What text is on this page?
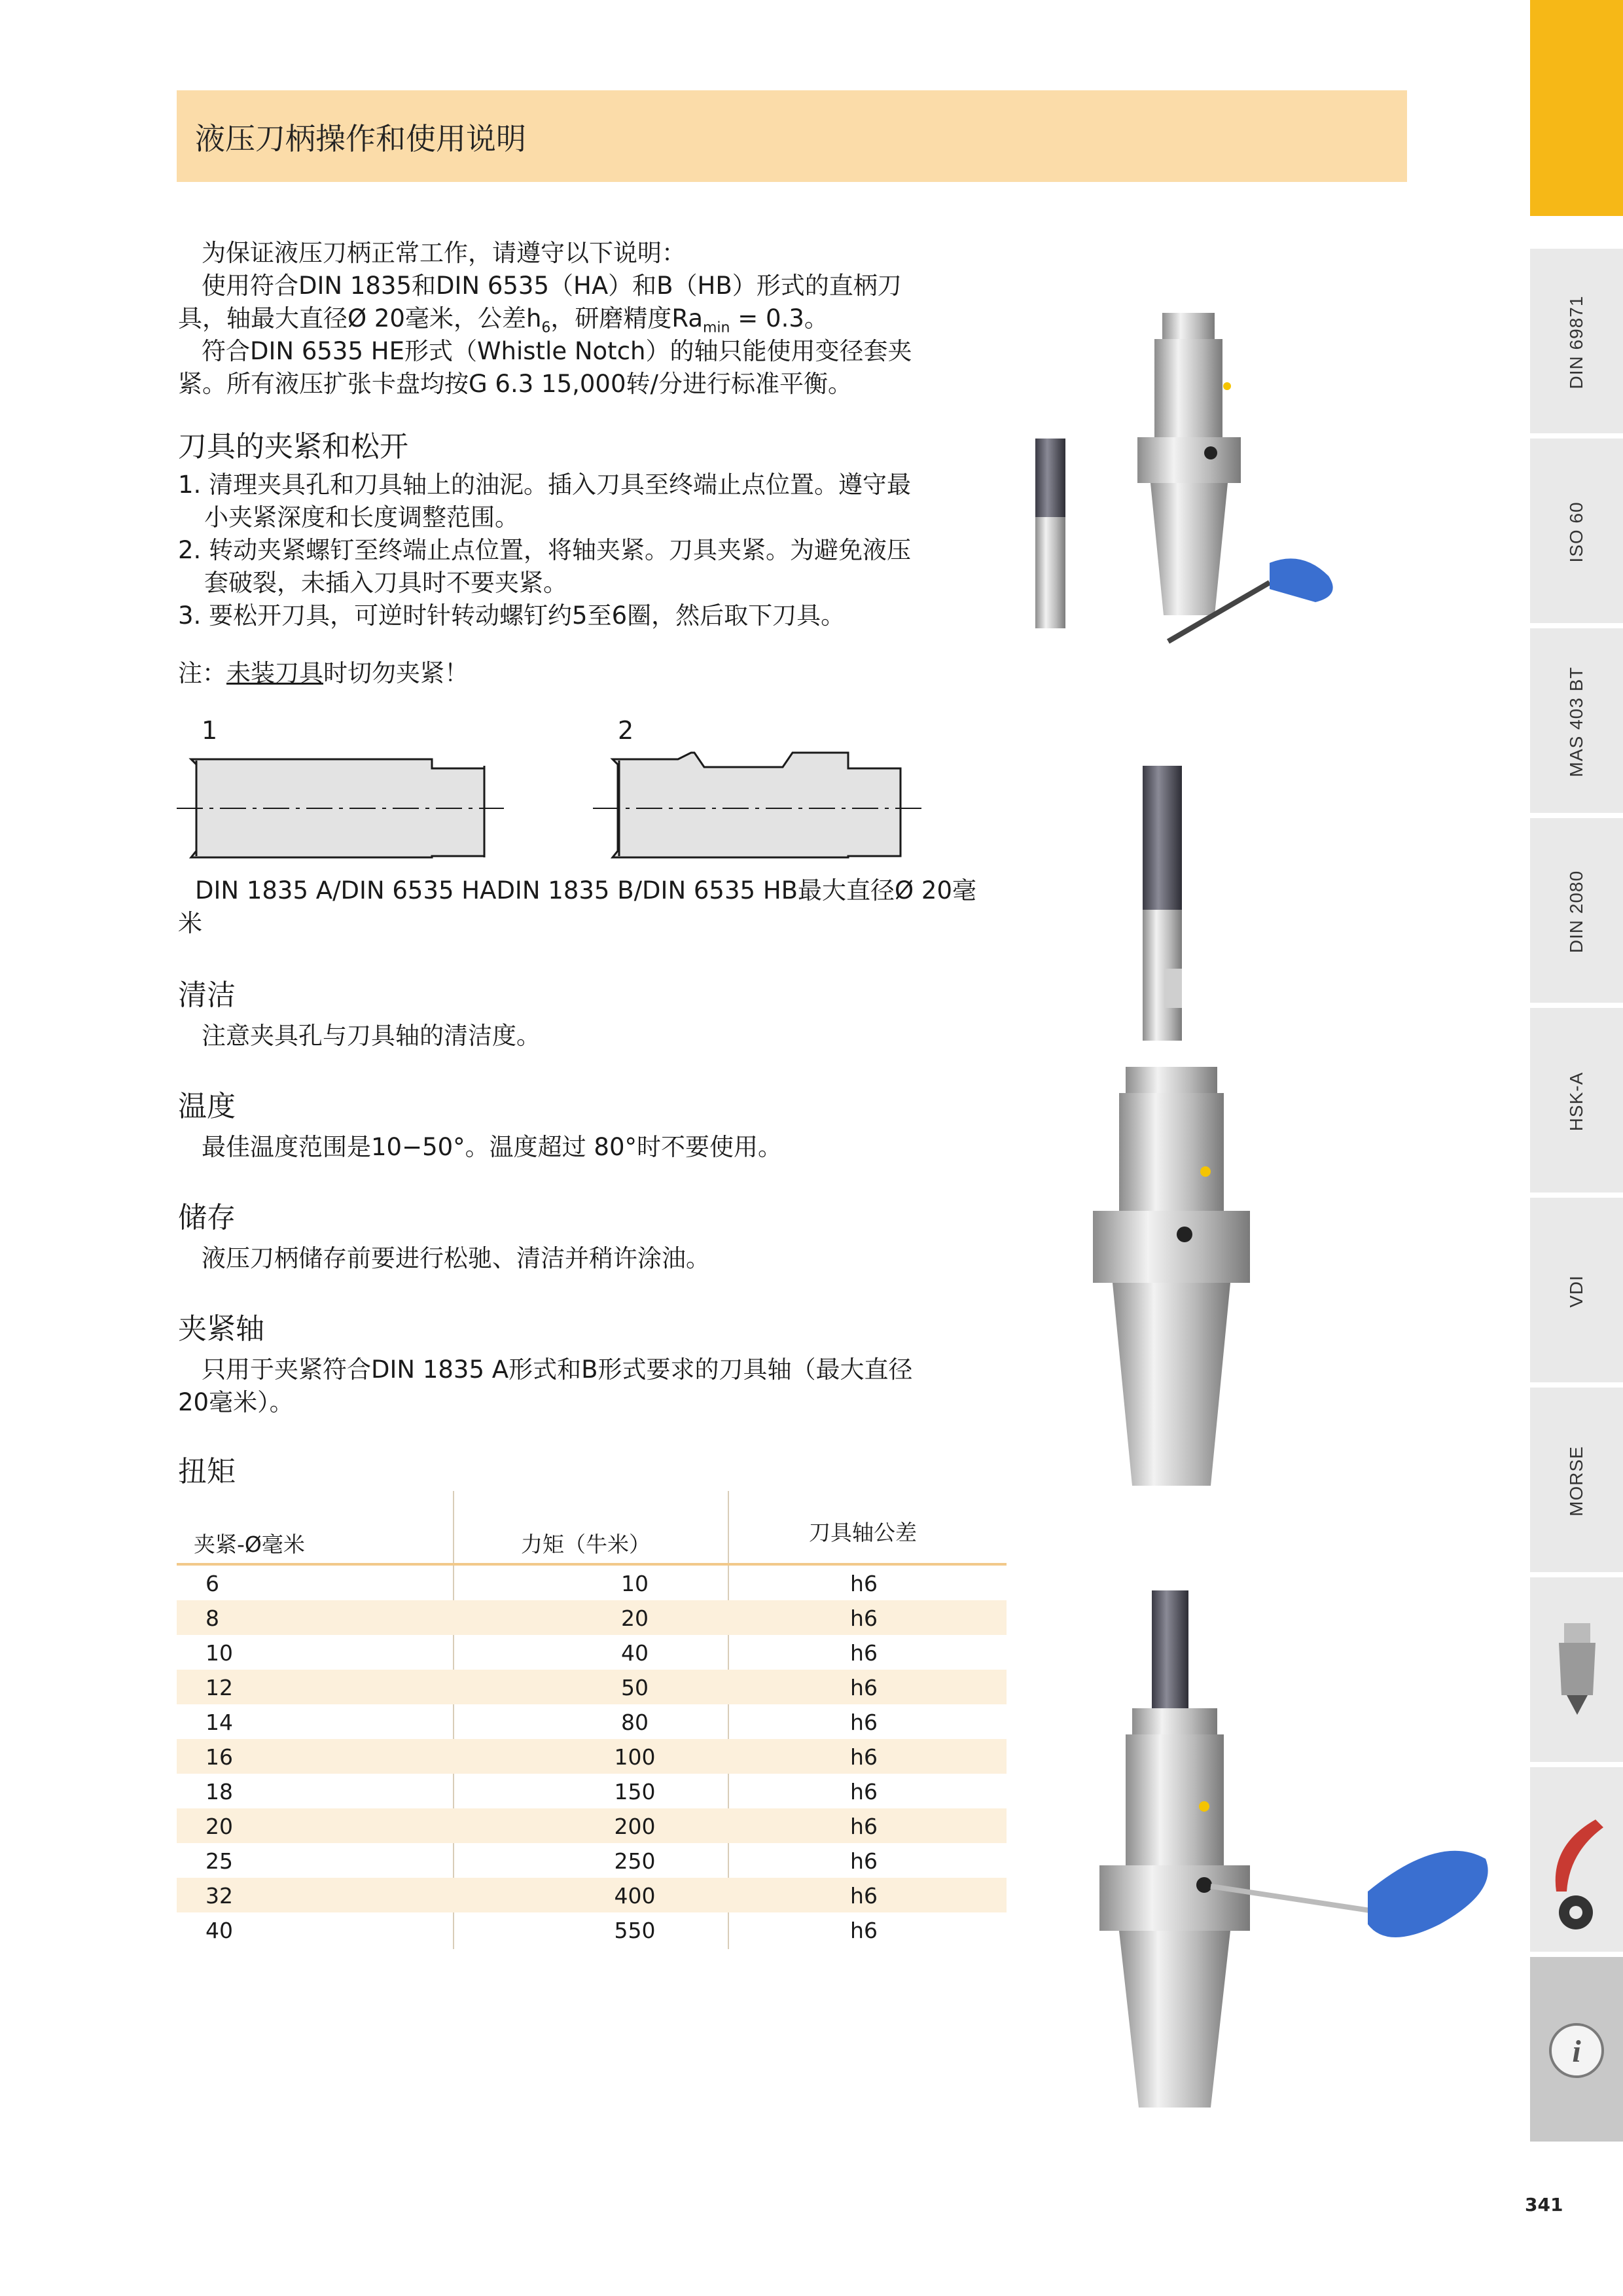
液压刀柄操作和使用说明
为保证液压刀柄正常工作，请遵守以下说明：
使用符合DIN 1835和DIN 6535（HA）和B（HB）形式的直柄刀
具，轴最大直径Ø 20毫米，公差$h_6$，研磨精度$Ra_{min} = 0.3$。
符合DIN 6535 HE形式（Whistle Notch）的轴只能使用变径套夹
紧。所有液压扩张卡盘均按G 6.3 15,000转/分进行标准平衡。
刀具的夹紧和松开
1. 清理夹具孔和刀具轴上的油泥。插入刀具至终端止点位置。遵守最
小夹紧深度和长度调整范围。
2. 转动夹紧螺钉至终端止点位置，将轴夹紧。刀具夹紧。为避免液压
套破裂，未插入刀具时不要夹紧。
3. 要松开刀具，可逆时针转动螺钉约5至6圈，然后取下刀具。
注：未装刀具时切勿夹紧！
1	2
DIN 1835 A/DIN 6535 HADIN 1835 B/DIN 6535 HB最大直径Ø 20毫
米
清洁
注意夹具孔与刀具轴的清洁度。
温度
最佳温度范围是10−50°。温度超过 80°时不要使用。
储存
液压刀柄储存前要进行松驰、清洁并稍许涂油。
夹紧轴
只用于夹紧符合DIN 1835 A形式和B形式要求的刀具轴（最大直径
20毫米）。
扭矩
夹紧-Ø毫米	力矩（牛米）	刀具轴公差
6	10	h6
8	20	h6
10	40	h6
12	50	h6
14	80	h6
16	100	h6
18	150	h6
20	200	h6
25	250	h6
32	400	h6
40	550	h6
DIN 69871
ISO 60
MAS 403 BT
DIN 2080
HSK-A
VDI
MORSE
i
341
